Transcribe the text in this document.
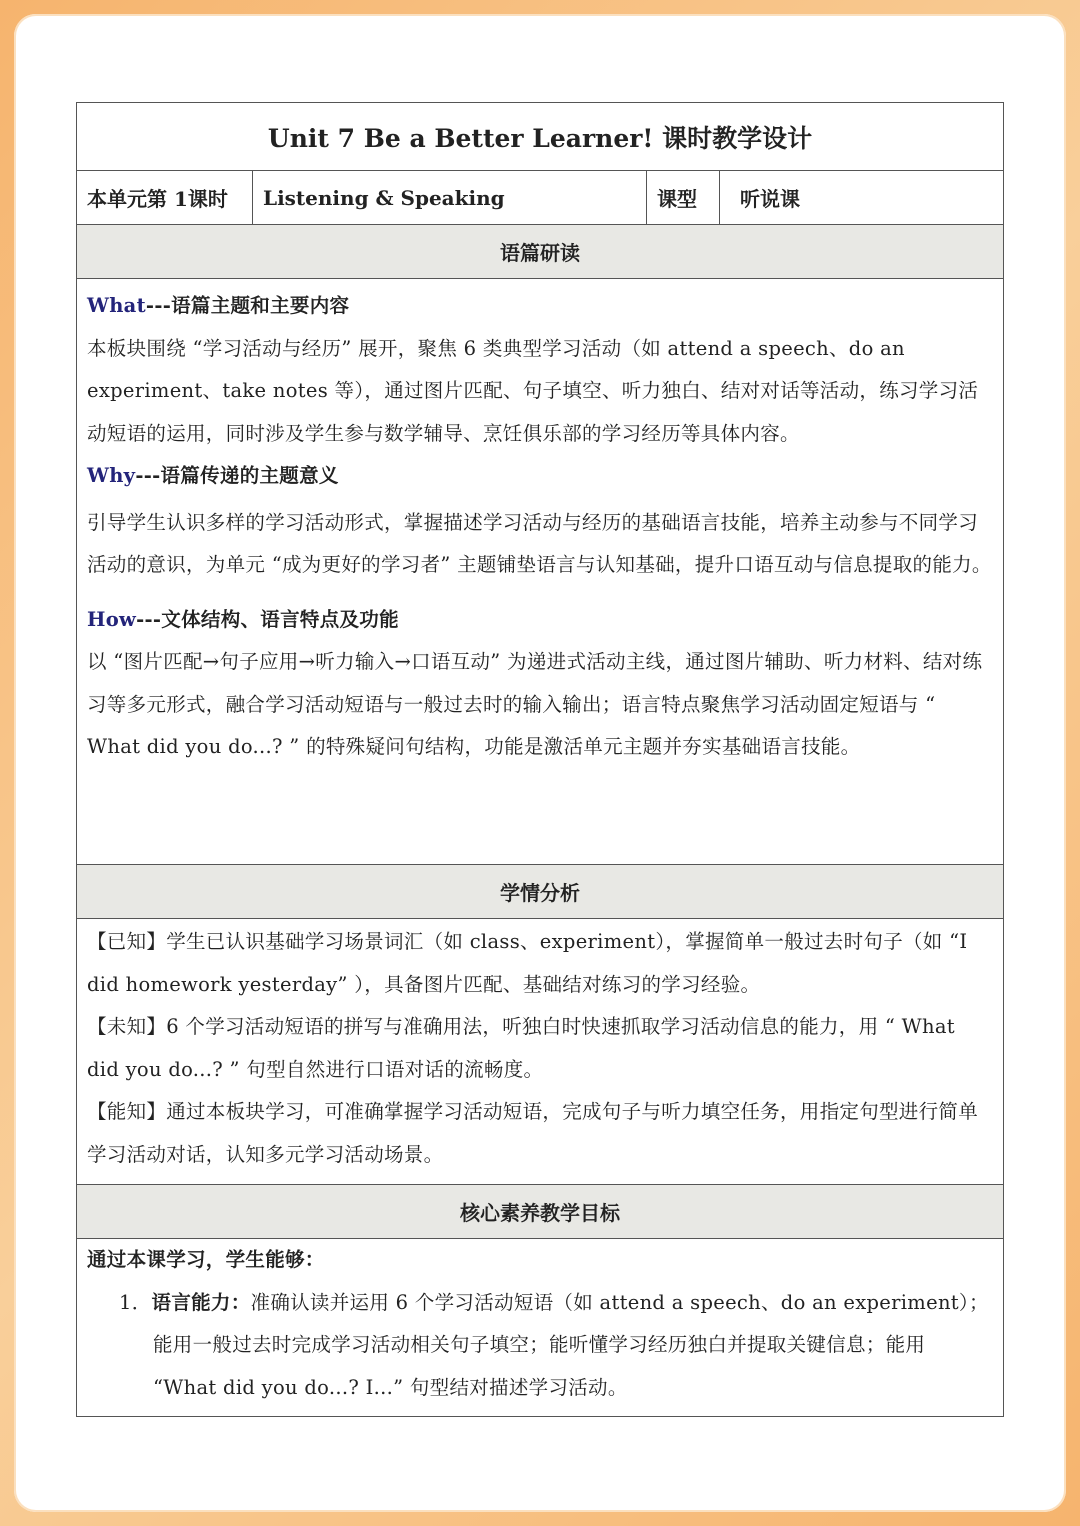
Unit 7 Be a Better Learner! 课时教学设计
本单元第 1课时	Listening & Speaking	课型	听说课
语篇研读

What---语篇主题和主要内容

本板块围绕 “学习活动与经历” 展开，聚焦 6 类典型学习活动（如 attend a speech、do an experiment、take notes 等），通过图片匹配、句子填空、听力独白、结对对话等活动，练习学习活动短语的运用，同时涉及学生参与数学辅导、烹饪俱乐部的学习经历等具体内容。

Why---语篇传递的主题意义

引导学生认识多样的学习活动形式，掌握描述学习活动与经历的基础语言技能，培养主动参与不同学习活动的意识，为单元 “成为更好的学习者” 主题铺垫语言与认知基础，提升口语互动与信息提取的能力。

How---文体结构、语言特点及功能

以 “图片匹配→句子应用→听力输入→口语互动” 为递进式活动主线，通过图片辅助、听力材料、结对练习等多元形式，融合学习活动短语与一般过去时的输入输出；语言特点聚焦学习活动固定短语与 “ What did you do...? ” 的特殊疑问句结构，功能是激活单元主题并夯实基础语言技能。

学情分析

【已知】学生已认识基础学习场景词汇（如 class、experiment），掌握简单一般过去时句子（如 “I did homework yesterday” ），具备图片匹配、基础结对练习的学习经验。

【未知】6 个学习活动短语的拼写与准确用法，听独白时快速抓取学习活动信息的能力，用 “ What did you do...? ” 句型自然进行口语对话的流畅度。

【能知】通过本板块学习，可准确掌握学习活动短语，完成句子与听力填空任务，用指定句型进行简单学习活动对话，认知多元学习活动场景。

核心素养教学目标

通过本课学习，学生能够：

1．语言能力：准确认读并运用 6 个学习活动短语（如 attend a speech、do an experiment）；能用一般过去时完成学习活动相关句子填空；能听懂学习经历独白并提取关键信息；能用 “What did you do...? I...” 句型结对描述学习活动。
